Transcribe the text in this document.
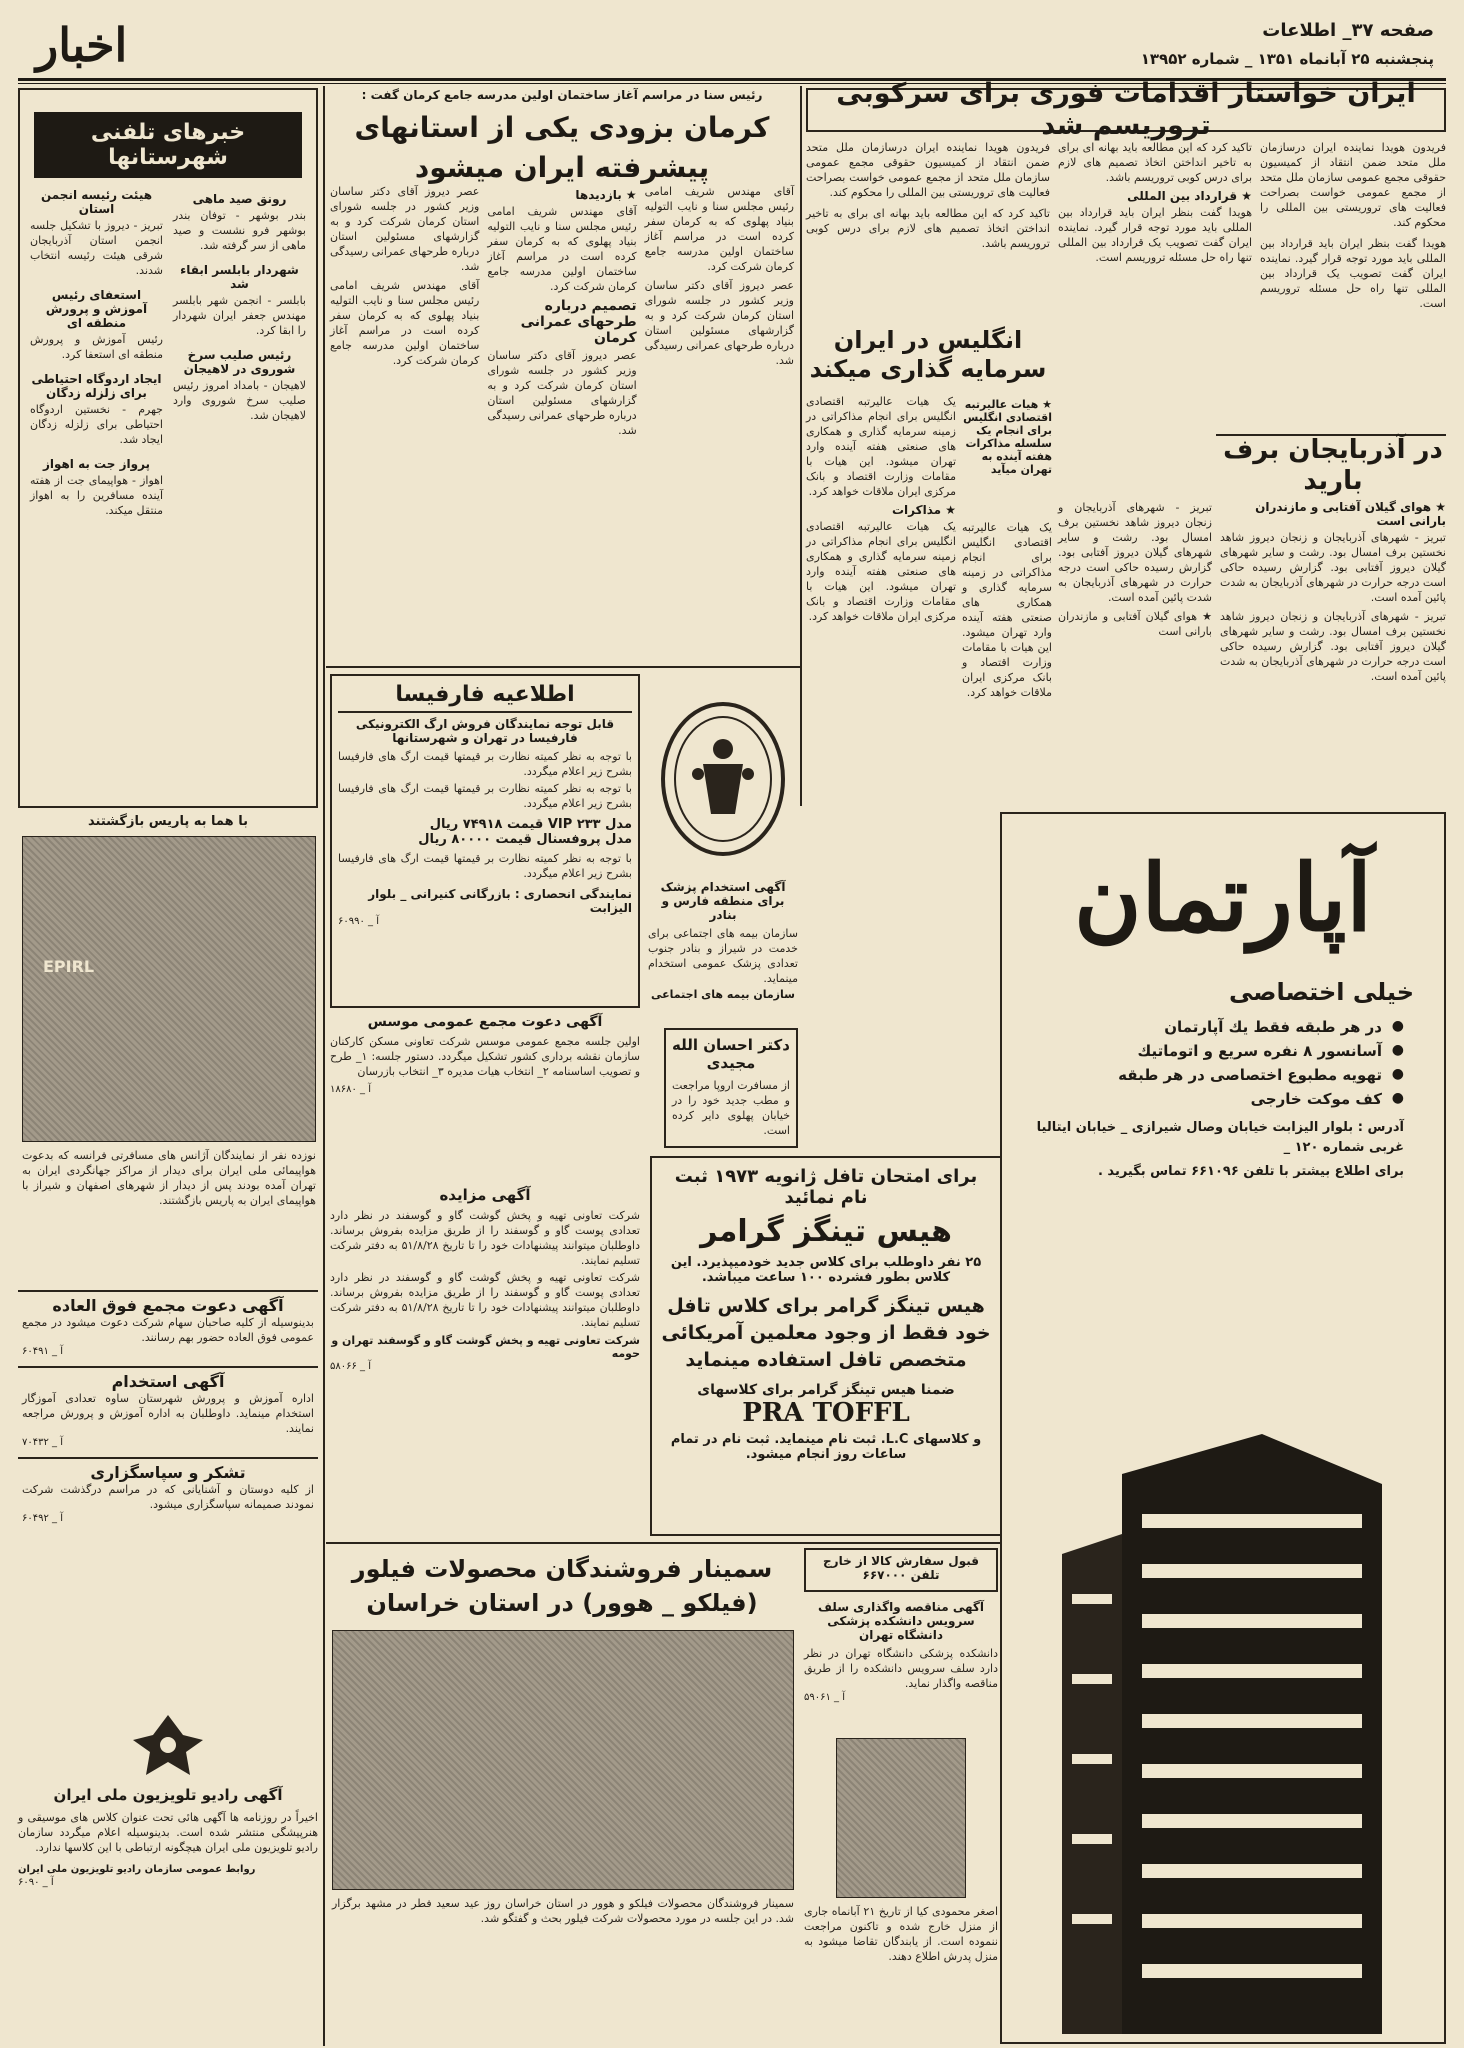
صفحه ۳۷_ اطلاعات
پنجشنبه ۲۵ آبانماه ۱۳۵۱ _ شماره ۱۳۹۵۲
اخبار
ایران خواستار اقدامات فوری برای سرکوبی تروریسم شد
فریدون هویدا نماینده ایران درسازمان ملل متحد ضمن انتقاد از کمیسیون حقوقی مجمع عمومی سازمان ملل متحد از مجمع عمومی خواست بصراحت فعالیت های تروریستی بین المللی را محکوم کند.
هویدا گفت بنظر ایران باید قرارداد بین المللی باید مورد توجه قرار گیرد. نماینده ایران گفت تصویب یک قرارداد بین المللی تنها راه حل مسئله تروریسم است.
تاکید کرد که این مطالعه باید بهانه ای برای به تاخیر انداختن اتخاذ تصمیم های لازم برای درس کوبی تروریسم باشد.
★ قرارداد بین المللی
هویدا گفت بنظر ایران باید قرارداد بین المللی باید مورد توجه قرار گیرد. نماینده ایران گفت تصویب یک قرارداد بین المللی تنها راه حل مسئله تروریسم است.
فریدون هویدا نماینده ایران درسازمان ملل متحد ضمن انتقاد از کمیسیون حقوقی مجمع عمومی سازمان ملل متحد از مجمع عمومی خواست بصراحت فعالیت های تروریستی بین المللی را محکوم کند.
تاکید کرد که این مطالعه باید بهانه ای برای به تاخیر انداختن اتخاذ تصمیم های لازم برای درس کوبی تروریسم باشد.
در آذربایجان برف بارید
★ هوای گیلان آفتابی و مازندران بارانی است
تبریز - شهرهای آذربایجان و زنجان دیروز شاهد نخستین برف امسال بود. رشت و سایر شهرهای گیلان دیروز آفتابی بود. گزارش رسیده حاکی است درجه حرارت در شهرهای آذربایجان به شدت پائین آمده است.
تبریز - شهرهای آذربایجان و زنجان دیروز شاهد نخستین برف امسال بود. رشت و سایر شهرهای گیلان دیروز آفتابی بود. گزارش رسیده حاکی است درجه حرارت در شهرهای آذربایجان به شدت پائین آمده است.
تبریز - شهرهای آذربایجان و زنجان دیروز شاهد نخستین برف امسال بود. رشت و سایر شهرهای گیلان دیروز آفتابی بود. گزارش رسیده حاکی است درجه حرارت در شهرهای آذربایجان به شدت پائین آمده است.
★ هوای گیلان آفتابی و مازندران بارانی است
انگلیس در ایران سرمایه گذاری میکند
★ هیات عالیرتبه اقتصادی انگلیس برای انجام یک سلسله مذاکرات هفته آینده به تهران میآید
یک هیات عالیرتبه اقتصادی انگلیس برای انجام مذاکراتی در زمینه سرمایه گذاری و همکاری های صنعتی هفته آینده وارد تهران میشود. این هیات با مقامات وزارت اقتصاد و بانک مرکزی ایران ملاقات خواهد کرد.
★ مذاکرات
یک هیات عالیرتبه اقتصادی انگلیس برای انجام مذاکراتی در زمینه سرمایه گذاری و همکاری های صنعتی هفته آینده وارد تهران میشود. این هیات با مقامات وزارت اقتصاد و بانک مرکزی ایران ملاقات خواهد کرد.
یک هیات عالیرتبه اقتصادی انگلیس برای انجام مذاکراتی در زمینه سرمایه گذاری و همکاری های صنعتی هفته آینده وارد تهران میشود. این هیات با مقامات وزارت اقتصاد و بانک مرکزی ایران ملاقات خواهد کرد.
رئیس سنا در مراسم آغاز ساختمان اولین مدرسه جامع کرمان گفت :
کرمان بزودی یکی از استانهای پیشرفته ایران میشود
آقای مهندس شریف امامی رئیس مجلس سنا و نایب التولیه بنیاد پهلوی که به کرمان سفر کرده است در مراسم آغاز ساختمان اولین مدرسه جامع کرمان شرکت کرد.
عصر دیروز آقای دکتر ساسان وزیر کشور در جلسه شورای استان کرمان شرکت کرد و به گزارشهای مسئولین استان درباره طرحهای عمرانی رسیدگی شد.
★ بازدیدها
آقای مهندس شریف امامی رئیس مجلس سنا و نایب التولیه بنیاد پهلوی که به کرمان سفر کرده است در مراسم آغاز ساختمان اولین مدرسه جامع کرمان شرکت کرد.
تصمیم درباره طرحهای عمرانی کرمان
عصر دیروز آقای دکتر ساسان وزیر کشور در جلسه شورای استان کرمان شرکت کرد و به گزارشهای مسئولین استان درباره طرحهای عمرانی رسیدگی شد.
عصر دیروز آقای دکتر ساسان وزیر کشور در جلسه شورای استان کرمان شرکت کرد و به گزارشهای مسئولین استان درباره طرحهای عمرانی رسیدگی شد.
آقای مهندس شریف امامی رئیس مجلس سنا و نایب التولیه بنیاد پهلوی که به کرمان سفر کرده است در مراسم آغاز ساختمان اولین مدرسه جامع کرمان شرکت کرد.
خبرهای تلفنی شهرستانها
رونق صید ماهی
بندر بوشهر - توفان بندر بوشهر فرو نشست و صید ماهی از سر گرفته شد.
شهردار بابلسر ابقاء شد
بابلسر - انجمن شهر بابلسر مهندس جعفر ایران شهردار را ابقا کرد.
رئیس صلیب سرخ شوروی در لاهیجان
لاهیجان - بامداد امروز رئیس صلیب سرخ شوروی وارد لاهیجان شد.
هیئت رئیسه انجمن استان
تبریز - دیروز با تشکیل جلسه انجمن استان آذربایجان شرقی هیئت رئیسه انتخاب شدند.
استعفای رئیس آموزش و پرورش منطقه ای
رئیس آموزش و پرورش منطقه ای استعفا کرد.
ایجاد اردوگاه احتیاطی برای زلزله زدگان
جهرم - نخستین اردوگاه احتیاطی برای زلزله زدگان ایجاد شد.
پرواز جت به اهواز
اهواز - هواپیمای جت از هفته آینده مسافرین را به اهواز منتقل میکند.
با هما به پاریس بازگشتند
EPIRL
نوزده نفر از نمایندگان آژانس های مسافرتی فرانسه که بدعوت هواپیمائی ملی ایران برای دیدار از مراکز جهانگردی ایران به تهران آمده بودند پس از دیدار از شهرهای اصفهان و شیراز با هواپیمای ایران به پاریس بازگشتند.
آگهی دعوت مجمع فوق العاده
بدینوسیله از کلیه صاحبان سهام شرکت دعوت میشود در مجمع عمومی فوق العاده حضور بهم رسانند.
آ _ ۶۰۴۹۱
آگهی استخدام
اداره آموزش و پرورش شهرستان ساوه تعدادی آموزگار استخدام مینماید. داوطلبان به اداره آموزش و پرورش مراجعه نمایند.
آ _ ۷۰۴۳۲
تشکر و سپاسگزاری
از کلیه دوستان و آشنایانی که در مراسم درگذشت شرکت نمودند صمیمانه سپاسگزاری میشود.
آ _ ۶۰۴۹۲
آگهی رادیو تلویزیون ملی ایران
اخیراً در روزنامه ها آگهی هائی تحت عنوان کلاس های موسیقی و هنرپیشگی منتشر شده است. بدینوسیله اعلام میگردد سازمان رادیو تلویزیون ملی ایران هیچگونه ارتباطی با این کلاسها ندارد.
روابط عمومی سازمان رادیو تلویزیون ملی ایران
آ _ ۶۰۹۰
اطلاعیه فارفیسا
قابل توجه نمایندگان فروش ارگ الکترونیکی فارفیسا در تهران و شهرستانها
با توجه به نظر کمیته نظارت بر قیمتها قیمت ارگ های فارفیسا بشرح زیر اعلام میگردد.
با توجه به نظر کمیته نظارت بر قیمتها قیمت ارگ های فارفیسا بشرح زیر اعلام میگردد.
مدل ۲۳۳ VIP قیمت ۷۴۹۱۸ ریال
مدل پروفسنال قیمت ۸۰۰۰۰ ریال
با توجه به نظر کمیته نظارت بر قیمتها قیمت ارگ های فارفیسا بشرح زیر اعلام میگردد.
نمایندگی انحصاری : بازرگانی کنیرانی _ بلوار الیزابت
آ _ ۶۰۹۹۰
آگهی استخدام پزشک برای منطقه فارس و بنادر
سازمان بیمه های اجتماعی برای خدمت در شیراز و بنادر جنوب تعدادی پزشک عمومی استخدام مینماید.
سازمان بیمه های اجتماعی
آگهی دعوت مجمع عمومی موسس
اولین جلسه مجمع عمومی موسس شرکت تعاونی مسکن کارکنان سازمان نقشه برداری کشور تشکیل میگردد. دستور جلسه: ۱_ طرح و تصویب اساسنامه ۲_ انتخاب هیات مدیره ۳_ انتخاب بازرسان
آ _ ۱۸۶۸۰
دکتر احسان الله مجیدی
از مسافرت اروپا مراجعت و مطب جدید خود را در خیابان پهلوی دایر کرده است.
آگهی مزایده
شرکت تعاونی تهیه و پخش گوشت گاو و گوسفند در نظر دارد تعدادی پوست گاو و گوسفند را از طریق مزایده بفروش برساند. داوطلبان میتوانند پیشنهادات خود را تا تاریخ ۵۱/۸/۲۸ به دفتر شرکت تسلیم نمایند.
شرکت تعاونی تهیه و پخش گوشت گاو و گوسفند در نظر دارد تعدادی پوست گاو و گوسفند را از طریق مزایده بفروش برساند. داوطلبان میتوانند پیشنهادات خود را تا تاریخ ۵۱/۸/۲۸ به دفتر شرکت تسلیم نمایند.
شرکت تعاونی تهیه و پخش گوشت گاو و گوسفند تهران و حومه
آ _ ۵۸۰۶۶
برای امتحان تافل ژانویه ۱۹۷۳ ثبت نام نمائید
هیس تینگز گرامر
۲۵ نفر داوطلب برای کلاس جدید خودمیپذیرد. این کلاس بطور فشرده ۱۰۰ ساعت میباشد.
هیس تینگز گرامر برای کلاس تافل خود فقط از وجود معلمین آمریکائی متخصص تافل استفاده مینماید
ضمنا هیس تینگز گرامر برای کلاسهای
PRA TOFFL
و کلاسهای L.C. ثبت نام مینماید. ثبت نام در تمام ساعات روز انجام میشود.
سمینار فروشندگان محصولات فیلور (فیلکو _ هوور) در استان خراسان
سمینار فروشندگان محصولات فیلکو و هوور در استان خراسان روز عید سعید فطر در مشهد برگزار شد. در این جلسه در مورد محصولات شرکت فیلور بحث و گفتگو شد.
قبول سفارش کالا از خارج تلفن ۶۶۷۰۰۰
آگهی مناقصه واگذاری سلف سرویس دانشکده پزشکی دانشگاه تهران
دانشکده پزشکی دانشگاه تهران در نظر دارد سلف سرویس دانشکده را از طریق مناقصه واگذار نماید.
آ _ ۵۹۰۶۱
اصغر محمودی کیا از تاریخ ۲۱ آبانماه جاری از منزل خارج شده و تاکنون مراجعت ننموده است. از یابندگان تقاضا میشود به منزل پدرش اطلاع دهند.
آپارتمان
خیلی اختصاصی
● در هر طبقه فقط یك آپارتمان
● آسانسور ۸ نفره سریع و اتوماتیك
● تهویه مطبوع اختصاصی در هر طبقه
● کف موکت خارجی
آدرس : بلوار الیزابت خیابان وصال شیرازی _ خیابان ایتالیا غربی شماره ۱۲۰ _
برای اطلاع بیشتر با تلفن ۶۶۱۰۹۶ تماس بگیرید .
